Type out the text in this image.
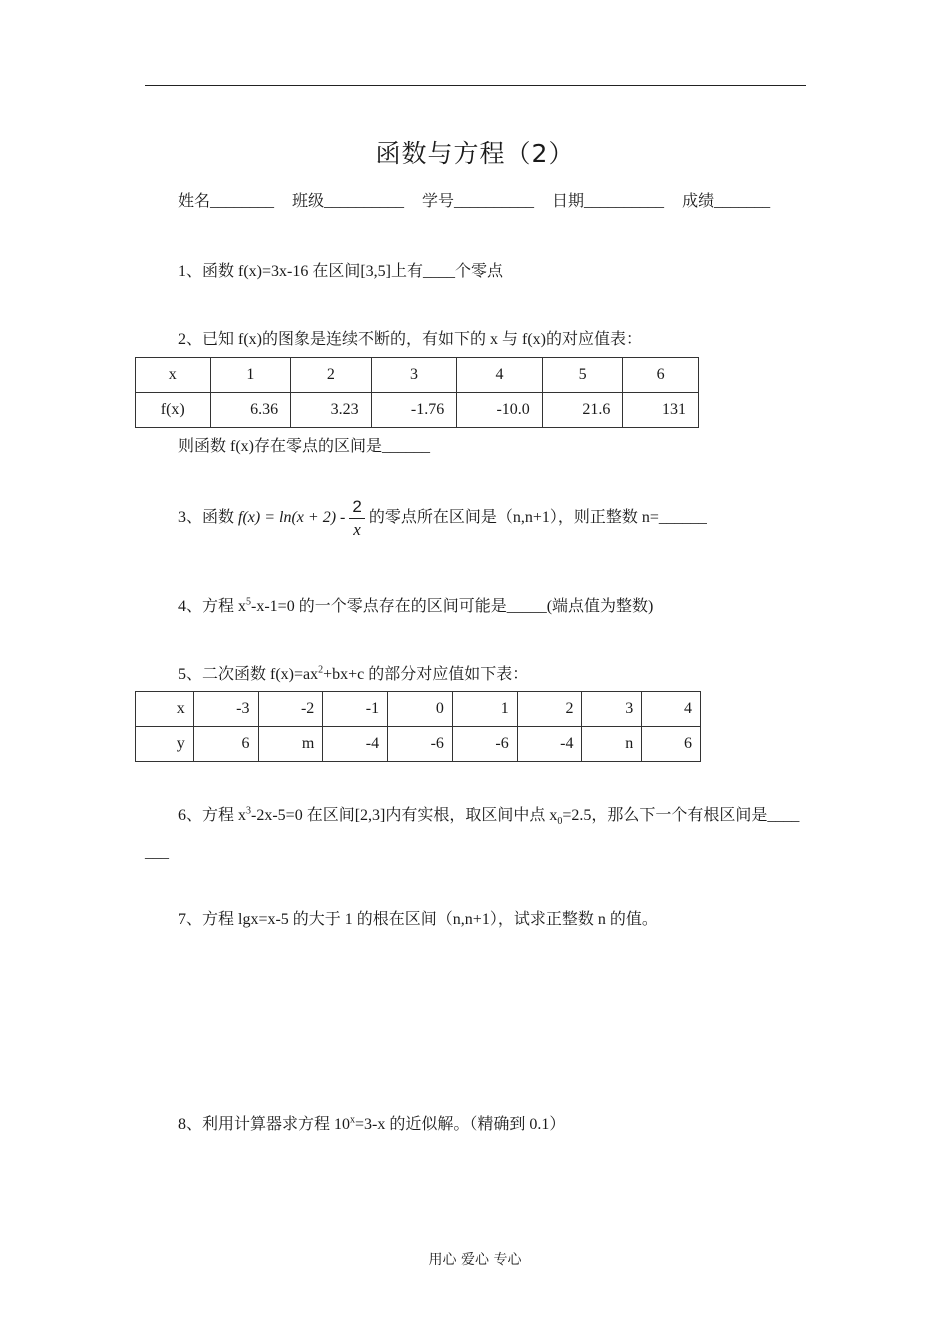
函数与方程（2）
姓名________ 班级__________ 学号__________ 日期__________ 成绩_______
1、函数 f(x)=3x-16 在区间[3,5]上有____个零点
2、已知 f(x)的图象是连续不断的，有如下的 x 与 f(x)的对应值表：
x	1	2	3	4	5	6
f(x)	6.36	3.23	-1.76	-10.0	21.6	131
则函数 f(x)存在零点的区间是______
3、函数 $f(x) = \ln(x + 2) - \frac{2}{x}$ 的零点所在区间是（n,n+1），则正整数 n=______
4、方程 $x^5-x-1=0$ 的一个零点存在的区间可能是_____(端点值为整数)
5、二次函数 $f(x)=ax^2+bx+c$ 的部分对应值如下表：
x	-3	-2	-1	0	1	2	3	4
y	6	m	-4	-6	-6	-4	n	6
6、方程 $x^3-2x-5=0$ 在区间[2,3]内有实根，取区间中点 $x_0=2.5$，那么下一个有根区间是____
___
7、方程 lgx=x-5 的大于 1 的根在区间（n,n+1），试求正整数 n 的值。
8、利用计算器求方程 $10^x=3-x$ 的近似解。（精确到 0.1）
用心 爱心 专心
